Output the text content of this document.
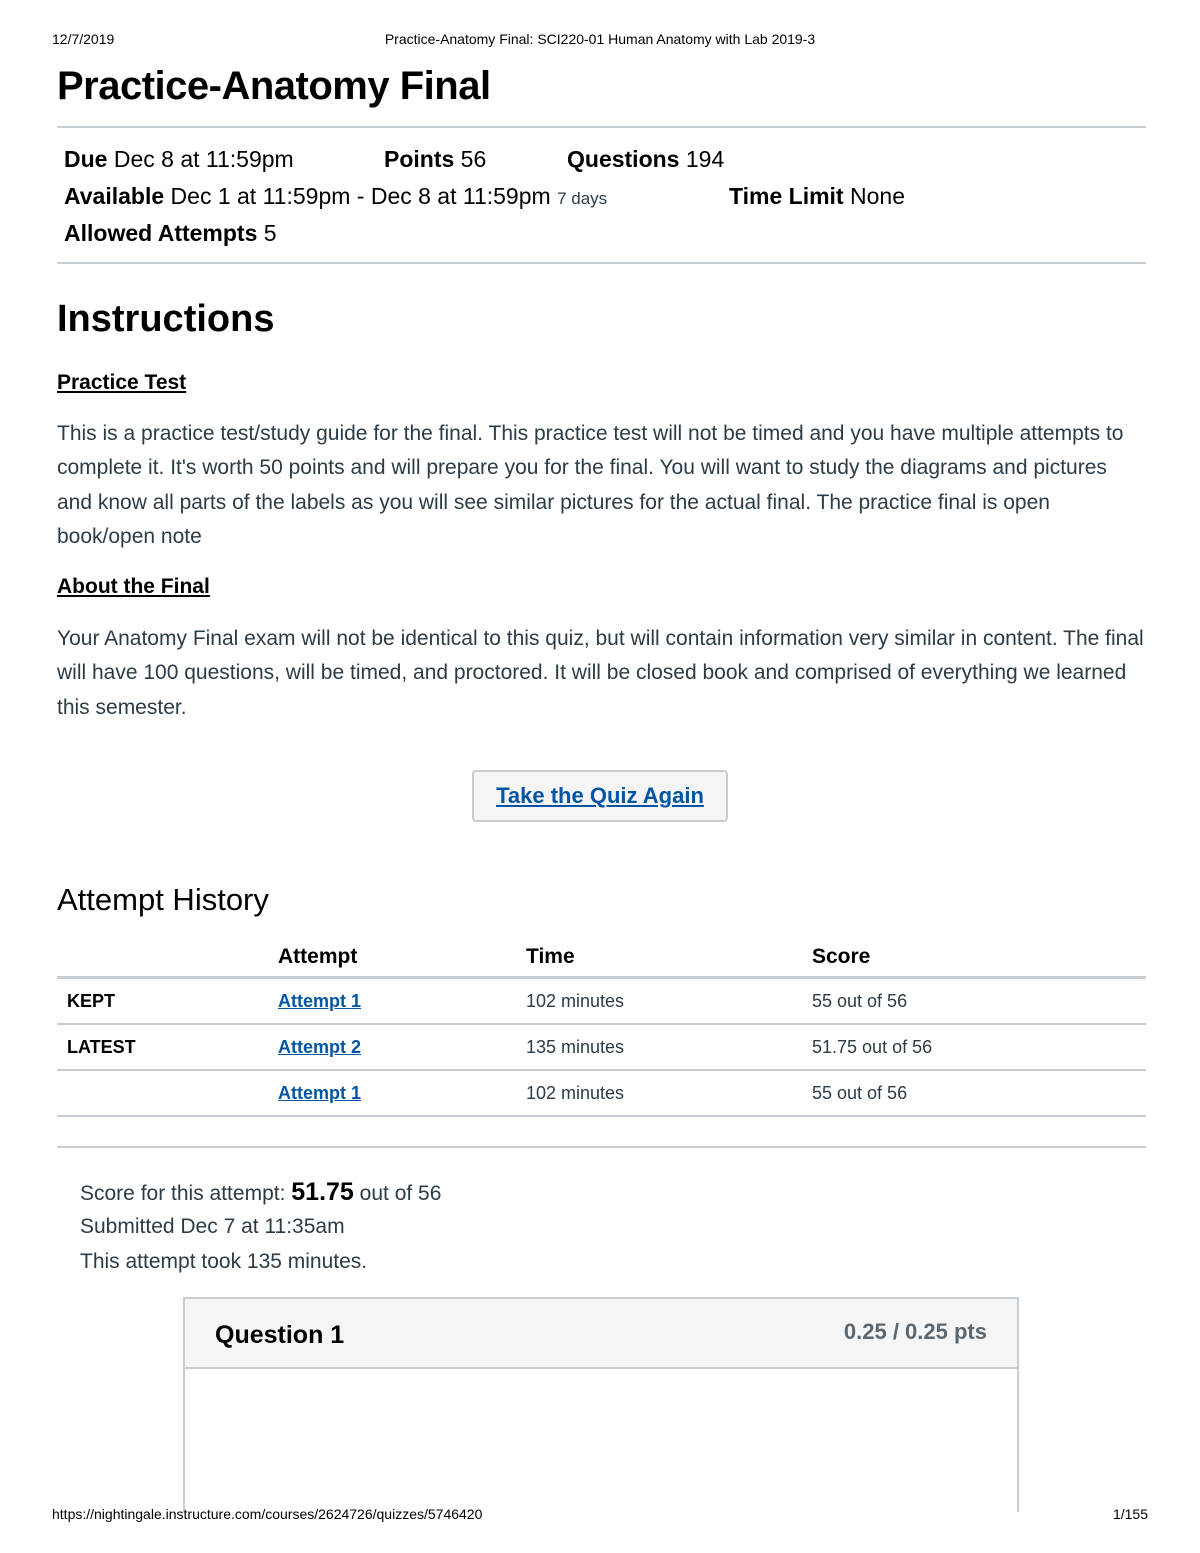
12/7/2019	Practice-Anatomy Final: SCI220-01 Human Anatomy with Lab 2019-3
Practice-Anatomy Final
Due Dec 8 at 11:59pm	Points 56	Questions 194
Available Dec 1 at 11:59pm - Dec 8 at 11:59pm 7 days	Time Limit None
Allowed Attempts 5
Instructions
Practice Test

This is a practice test/study guide for the final. This practice test will not be timed and you have multiple attempts to complete it. It's worth 50 points and will prepare you for the final. You will want to study the diagrams and pictures and know all parts of the labels as you will see similar pictures for the actual final. The practice final is open book/open note

About the Final

Your Anatomy Final exam will not be identical to this quiz, but will contain information very similar in content. The final will have 100 questions, will be timed, and proctored. It will be closed book and comprised of everything we learned this semester.

Take the Quiz Again
Attempt History
	Attempt	Time	Score
KEPT	Attempt 1	102 minutes	55 out of 56
LATEST	Attempt 2	135 minutes	51.75 out of 56
	Attempt 1	102 minutes	55 out of 56
Score for this attempt: 51.75 out of 56
Submitted Dec 7 at 11:35am
This attempt took 135 minutes.
Question 1	0.25 / 0.25 pts
https://nightingale.instructure.com/courses/2624726/quizzes/5746420	1/155
